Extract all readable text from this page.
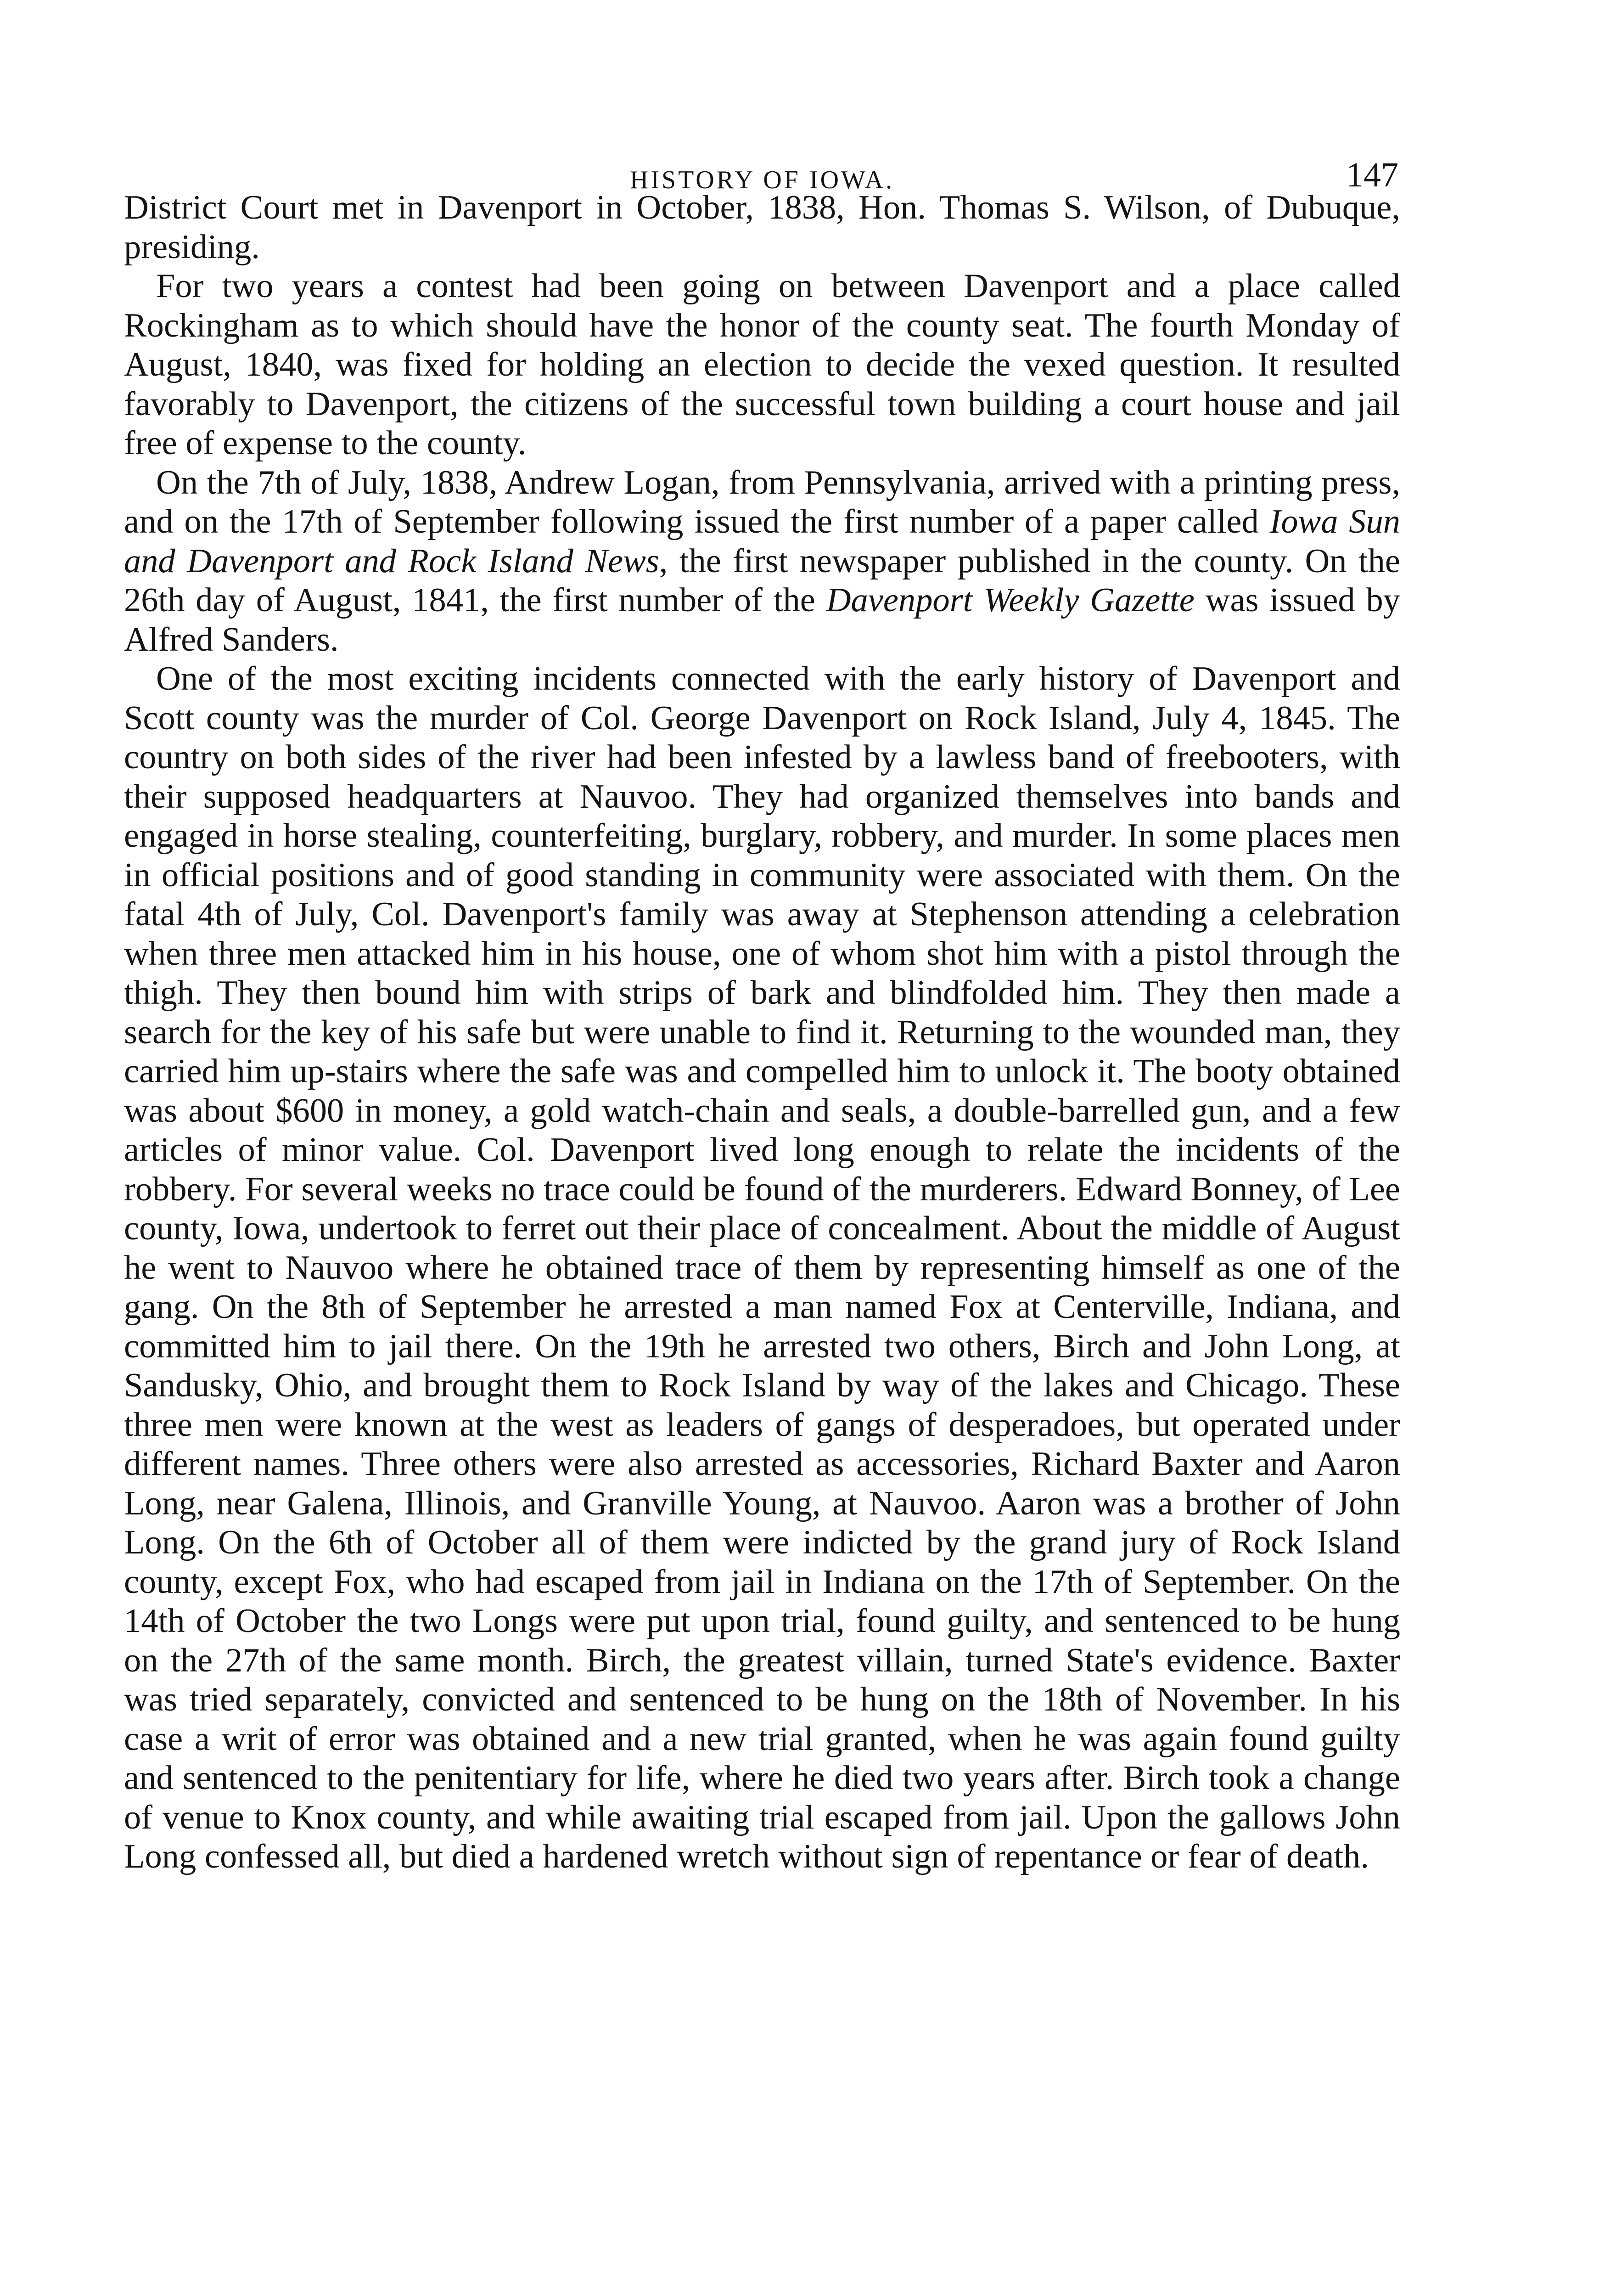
HISTORY OF IOWA.	147

District Court met in Davenport in October, 1838, Hon. Thomas S. Wilson, of Dubuque, presiding.

For two years a contest had been going on between Davenport and a place called Rockingham as to which should have the honor of the county seat. The fourth Monday of August, 1840, was fixed for holding an election to decide the vexed question. It resulted favorably to Davenport, the citizens of the successful town building a court house and jail free of expense to the county.

On the 7th of July, 1838, Andrew Logan, from Pennsylvania, arrived with a printing press, and on the 17th of September following issued the first number of a paper called Iowa Sun and Davenport and Rock Island News, the first newspaper published in the county. On the 26th day of August, 1841, the first number of the Davenport Weekly Gazette was issued by Alfred Sanders.

One of the most exciting incidents connected with the early history of Davenport and Scott county was the murder of Col. George Davenport on Rock Island, July 4, 1845. The country on both sides of the river had been infested by a lawless band of freebooters, with their supposed headquarters at Nauvoo. They had organized themselves into bands and engaged in horse stealing, counterfeiting, burglary, robbery, and murder. In some places men in official positions and of good standing in community were associated with them. On the fatal 4th of July, Col. Davenport's family was away at Stephenson attending a celebration when three men attacked him in his house, one of whom shot him with a pistol through the thigh. They then bound him with strips of bark and blindfolded him. They then made a search for the key of his safe but were unable to find it. Returning to the wounded man, they carried him up-stairs where the safe was and compelled him to unlock it. The booty obtained was about $600 in money, a gold watch-chain and seals, a double-barrelled gun, and a few articles of minor value. Col. Davenport lived long enough to relate the incidents of the robbery. For several weeks no trace could be found of the murderers. Edward Bonney, of Lee county, Iowa, undertook to ferret out their place of concealment. About the middle of August he went to Nauvoo where he obtained trace of them by representing himself as one of the gang. On the 8th of September he arrested a man named Fox at Centerville, Indiana, and committed him to jail there. On the 19th he arrested two others, Birch and John Long, at Sandusky, Ohio, and brought them to Rock Island by way of the lakes and Chicago. These three men were known at the west as leaders of gangs of desperadoes, but operated under different names. Three others were also arrested as accessories, Richard Baxter and Aaron Long, near Galena, Illinois, and Granville Young, at Nauvoo. Aaron was a brother of John Long. On the 6th of October all of them were indicted by the grand jury of Rock Island county, except Fox, who had escaped from jail in Indiana on the 17th of September. On the 14th of October the two Longs were put upon trial, found guilty, and sentenced to be hung on the 27th of the same month. Birch, the greatest villain, turned State's evidence. Baxter was tried separately, convicted and sentenced to be hung on the 18th of November. In his case a writ of error was obtained and a new trial granted, when he was again found guilty and sentenced to the penitentiary for life, where he died two years after. Birch took a change of venue to Knox county, and while awaiting trial escaped from jail. Upon the gallows John Long confessed all, but died a hardened wretch without sign of repentance or fear of death.
